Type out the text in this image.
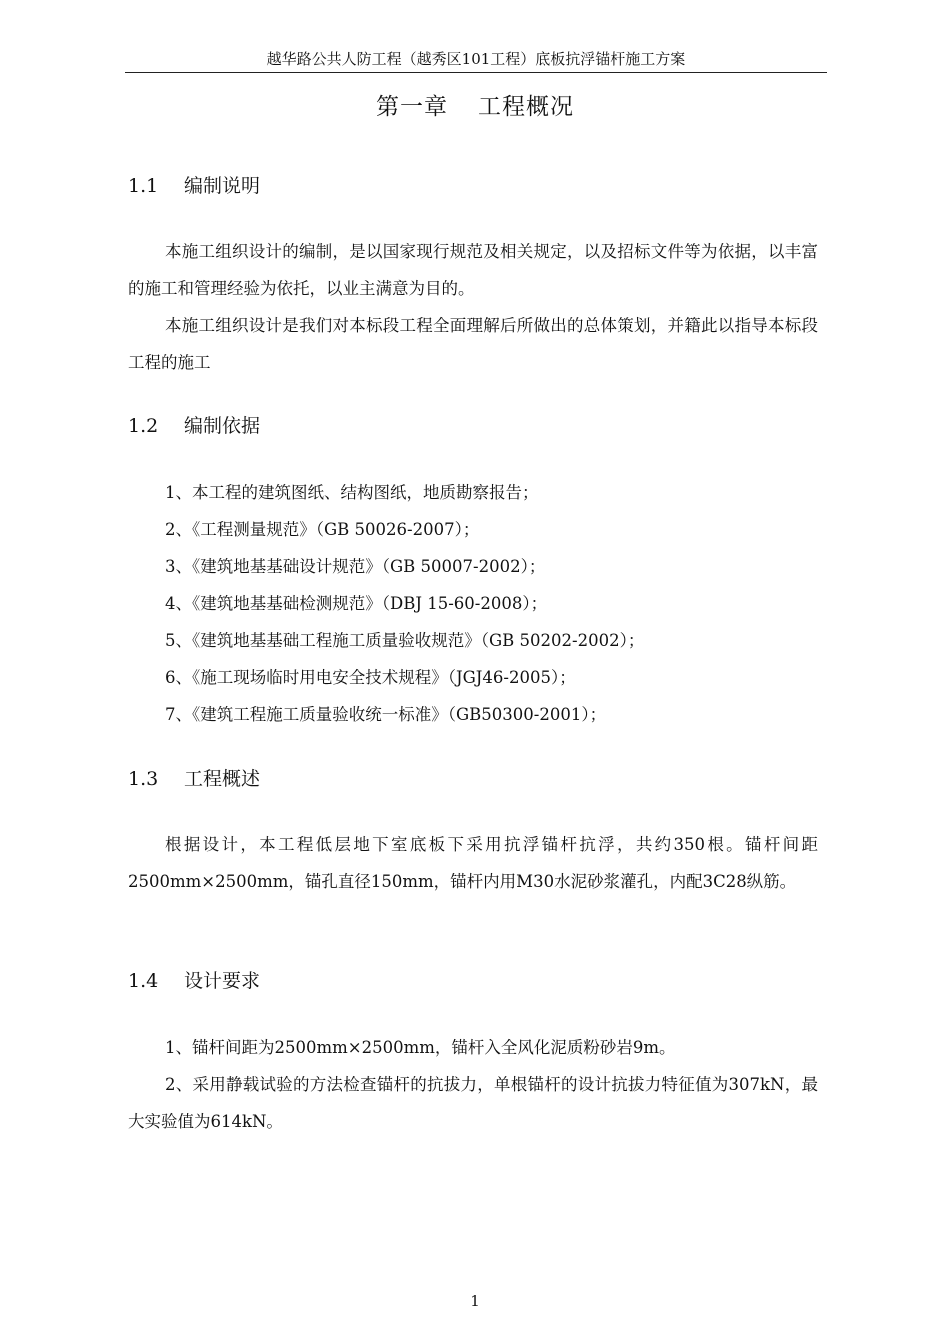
越华路公共人防工程（越秀区101工程）底板抗浮锚杆施工方案
第一章 工程概况
1.1 编制说明
本施工组织设计的编制，是以国家现行规范及相关规定，以及招标文件等为依据，以丰富的施工和管理经验为依托，以业主满意为目的。
本施工组织设计是我们对本标段工程全面理解后所做出的总体策划，并籍此以指导本标段工程的施工
1.2 编制依据
1、本工程的建筑图纸、结构图纸，地质勘察报告；
2、《工程测量规范》（GB 50026-2007）；
3、《建筑地基基础设计规范》（GB 50007-2002）；
4、《建筑地基基础检测规范》（DBJ 15-60-2008）；
5、《建筑地基基础工程施工质量验收规范》（GB 50202-2002）；
6、《施工现场临时用电安全技术规程》（JGJ46-2005）；
7、《建筑工程施工质量验收统一标准》（GB50300-2001）；
1.3 工程概述
根据设计，本工程低层地下室底板下采用抗浮锚杆抗浮，共约350根。锚杆间距2500mm×2500mm，锚孔直径150mm，锚杆内用M30水泥砂浆灌孔，内配3C28纵筋。
1.4 设计要求
1、锚杆间距为2500mm×2500mm，锚杆入全风化泥质粉砂岩9m。
2、采用静载试验的方法检查锚杆的抗拔力，单根锚杆的设计抗拔力特征值为307kN，最大实验值为614kN。
1
